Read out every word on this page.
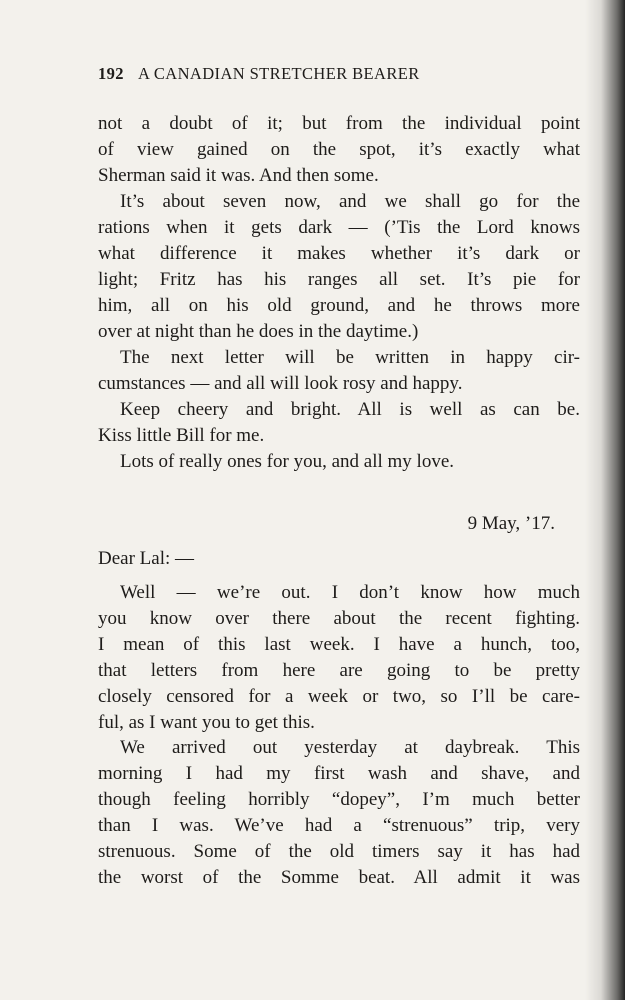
192 A CANADIAN STRETCHER BEARER
not a doubt of it; but from the individual point
of view gained on the spot, it’s exactly what
Sherman said it was. And then some.
It’s about seven now, and we shall go for the
rations when it gets dark — (’Tis the Lord knows
what difference it makes whether it’s dark or
light; Fritz has his ranges all set. It’s pie for
him, all on his old ground, and he throws more
over at night than he does in the daytime.)
The next letter will be written in happy cir-
cumstances — and all will look rosy and happy.
Keep cheery and bright. All is well as can be.
Kiss little Bill for me.
Lots of really ones for you, and all my love.
9 May, ’17.
Dear Lal: —
Well — we’re out. I don’t know how much
you know over there about the recent fighting.
I mean of this last week. I have a hunch, too,
that letters from here are going to be pretty
closely censored for a week or two, so I’ll be care-
ful, as I want you to get this.
We arrived out yesterday at daybreak. This
morning I had my first wash and shave, and
though feeling horribly “dopey”, I’m much better
than I was. We’ve had a “strenuous” trip, very
strenuous. Some of the old timers say it has had
the worst of the Somme beat. All admit it was
